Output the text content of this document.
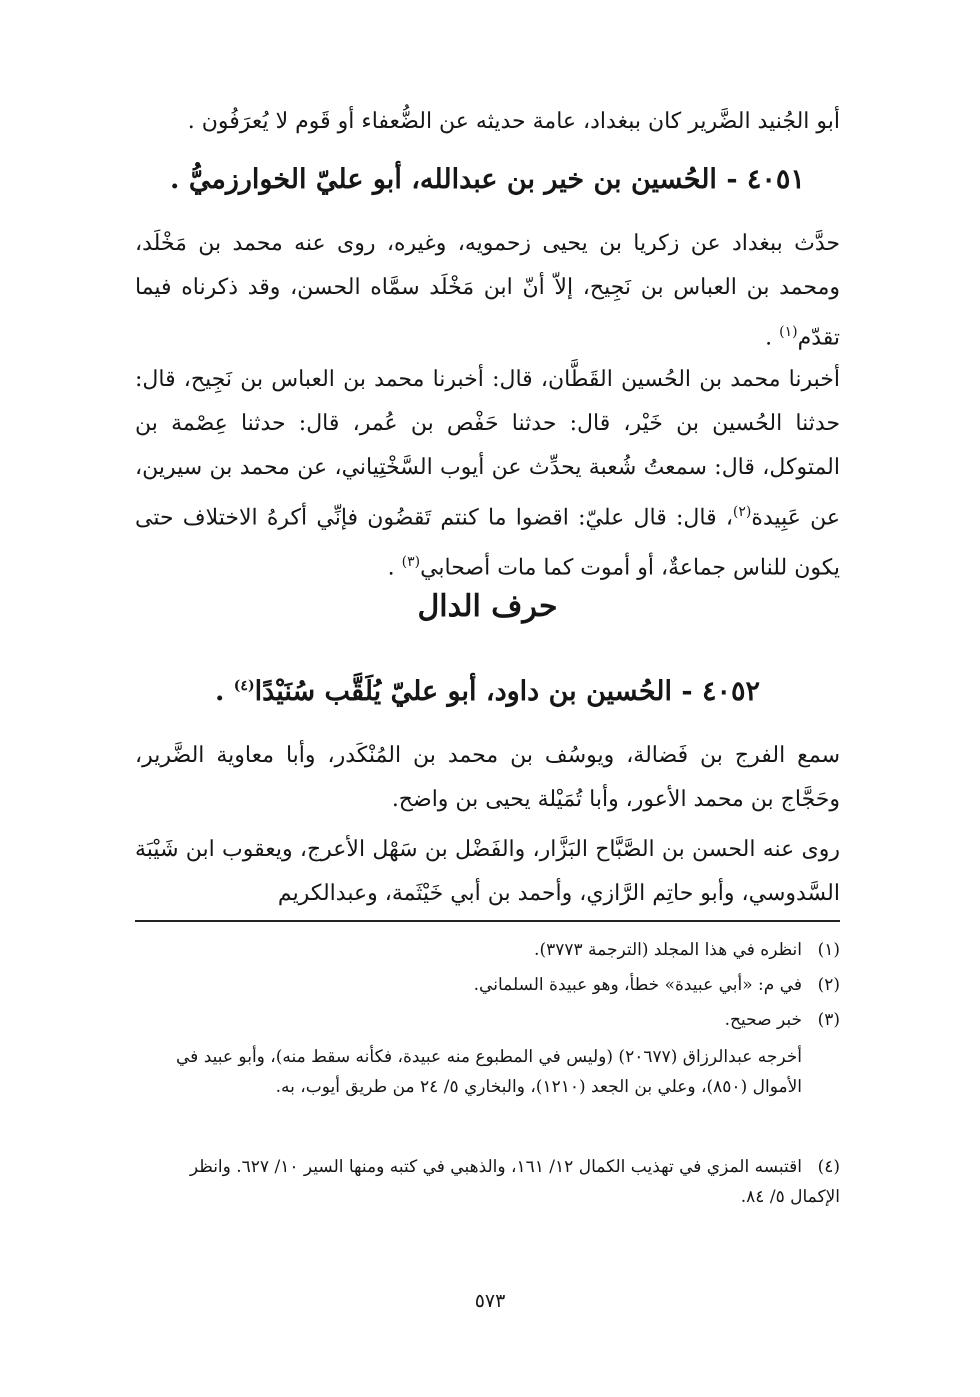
أبو الجُنيد الضَّرير كان ببغداد، عامة حديثه عن الضُّعفاء أو قَوم لا يُعرَفُون .

٤٠٥١ - الحُسين بن خير بن عبدالله، أبو عليّ الخوارزميُّ .

حدَّث ببغداد عن زكريا بن يحيى زحمويه، وغيره، روى عنه محمد بن مَخْلَد، ومحمد بن العباس بن نَجِيح، إلاّ أنّ ابن مَخْلَد سمَّاه الحسن، وقد ذكرناه فيما تقدّم$^{(١)}$ .

أخبرنا محمد بن الحُسين القَطَّان، قال: أخبرنا محمد بن العباس بن نَجِيح، قال: حدثنا الحُسين بن خَيْر، قال: حدثنا حَفْص بن عُمر، قال: حدثنا عِصْمة بن المتوكل، قال: سمعتُ شُعبة يحدِّث عن أيوب السَّخْتِياني، عن محمد بن سيرين، عن عَبِيدة$^{(٢)}$، قال: قال عليّ: اقضوا ما كنتم تَقضُون فإنِّي أكرهُ الاختلاف حتى يكون للناس جماعةٌ، أو أموت كما مات أصحابي$^{(٣)}$ .

حرف الدال
٤٠٥٢ - الحُسين بن داود، أبو عليّ يُلَقَّب سُنَيْدًا$^{(٤)}$ .

سمع الفرج بن فَضالة، ويوسُف بن محمد بن المُنْكَدر، وأبا معاوية الضَّرير، وحَجَّاج بن محمد الأعور، وأبا تُمَيْلة يحيى بن واضح.

روى عنه الحسن بن الصَّبَّاح البَزَّار، والفَضْل بن سَهْل الأعرج، ويعقوب ابن شَيْبَة السَّدوسي، وأبو حاتِم الرَّازي، وأحمد بن أبي خَيْثَمة، وعبدالكريم

(١)انظره في هذا المجلد (الترجمة ٣٧٧٣).
(٢)في م: «أبي عبيدة» خطأ، وهو عبيدة السلماني.
(٣)خبر صحيح.
أخرجه عبدالرزاق (٢٠٦٧٧) (وليس في المطبوع منه عبيدة، فكأنه سقط منه)، وأبو عبيد في الأموال (٨٥٠)، وعلي بن الجعد (١٢١٠)، والبخاري ٥/ ٢٤ من طريق أيوب، به.
(٤)اقتبسه المزي في تهذيب الكمال ١٢/ ١٦١، والذهبي في كتبه ومنها السير ١٠/ ٦٢٧. وانظر الإكمال ٥/ ٨٤.
٥٧٣
